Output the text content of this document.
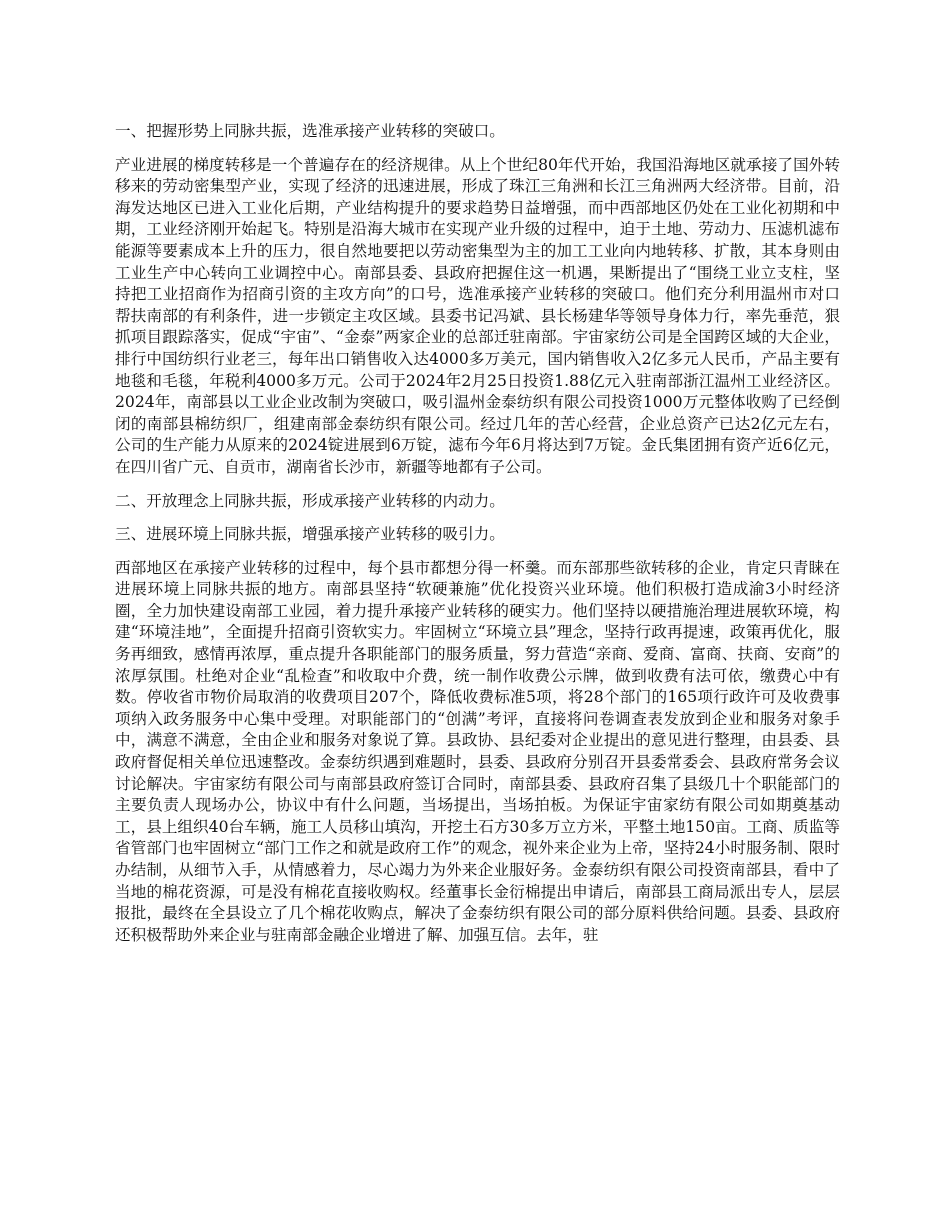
一、把握形势上同脉共振，选准承接产业转移的突破口。

产业进展的梯度转移是一个普遍存在的经济规律。从上个世纪80年代开始，我国沿海地区就承接了国外转移来的劳动密集型产业，实现了经济的迅速进展，形成了珠江三角洲和长江三角洲两大经济带。目前，沿海发达地区已进入工业化后期，产业结构提升的要求趋势日益增强，而中西部地区仍处在工业化初期和中期，工业经济刚开始起飞。特别是沿海大城市在实现产业升级的过程中，迫于土地、劳动力、压滤机滤布能源等要素成本上升的压力，很自然地要把以劳动密集型为主的加工工业向内地转移、扩散，其本身则由工业生产中心转向工业调控中心。南部县委、县政府把握住这一机遇，果断提出了“围绕工业立支柱，坚持把工业招商作为招商引资的主攻方向”的口号，选准承接产业转移的突破口。他们充分利用温州市对口帮扶南部的有利条件，进一步锁定主攻区域。县委书记冯斌、县长杨建华等领导身体力行，率先垂范，狠抓项目跟踪落实，促成“宇宙”、“金泰”两家企业的总部迁驻南部。宇宙家纺公司是全国跨区域的大企业，排行中国纺织行业老三，每年出口销售收入达4000多万美元，国内销售收入2亿多元人民币，产品主要有地毯和毛毯，年税利4000多万元。公司于2024年2月25日投资1.88亿元入驻南部浙江温州工业经济区。2024年，南部县以工业企业改制为突破口，吸引温州金泰纺织有限公司投资1000万元整体收购了已经倒闭的南部县棉纺织厂，组建南部金泰纺织有限公司。经过几年的苦心经营，企业总资产已达2亿元左右，公司的生产能力从原来的2024锭进展到6万锭，滤布今年6月将达到7万锭。金氏集团拥有资产近6亿元，在四川省广元、自贡市，湖南省长沙市，新疆等地都有子公司。

二、开放理念上同脉共振，形成承接产业转移的内动力。

三、进展环境上同脉共振，增强承接产业转移的吸引力。

西部地区在承接产业转移的过程中，每个县市都想分得一杯羹。而东部那些欲转移的企业，肯定只青睐在进展环境上同脉共振的地方。南部县坚持“软硬兼施”优化投资兴业环境。他们积极打造成渝3小时经济圈，全力加快建设南部工业园，着力提升承接产业转移的硬实力。他们坚持以硬措施治理进展软环境，构建“环境洼地”，全面提升招商引资软实力。牢固树立“环境立县”理念，坚持行政再提速，政策再优化，服务再细致，感情再浓厚，重点提升各职能部门的服务质量，努力营造“亲商、爱商、富商、扶商、安商”的浓厚氛围。杜绝对企业“乱检查”和收取中介费，统一制作收费公示牌，做到收费有法可依，缴费心中有数。停收省市物价局取消的收费项目207个，降低收费标准5项，将28个部门的165项行政许可及收费事项纳入政务服务中心集中受理。对职能部门的“创满”考评，直接将问卷调查表发放到企业和服务对象手中，满意不满意，全由企业和服务对象说了算。县政协、县纪委对企业提出的意见进行整理，由县委、县政府督促相关单位迅速整改。金泰纺织遇到难题时，县委、县政府分别召开县委常委会、县政府常务会议讨论解决。宇宙家纺有限公司与南部县政府签订合同时，南部县委、县政府召集了县级几十个职能部门的主要负责人现场办公，协议中有什么问题，当场提出，当场拍板。为保证宇宙家纺有限公司如期奠基动工，县上组织40台车辆，施工人员移山填沟，开挖土石方30多万立方米，平整土地150亩。工商、质监等省管部门也牢固树立“部门工作之和就是政府工作”的观念，视外来企业为上帝，坚持24小时服务制、限时办结制，从细节入手，从情感着力，尽心竭力为外来企业服好务。金泰纺织有限公司投资南部县，看中了当地的棉花资源，可是没有棉花直接收购权。经董事长金衍棉提出申请后，南部县工商局派出专人，层层报批，最终在全县设立了几个棉花收购点，解决了金泰纺织有限公司的部分原料供给问题。县委、县政府还积极帮助外来企业与驻南部金融企业增进了解、加强互信。去年，驻
